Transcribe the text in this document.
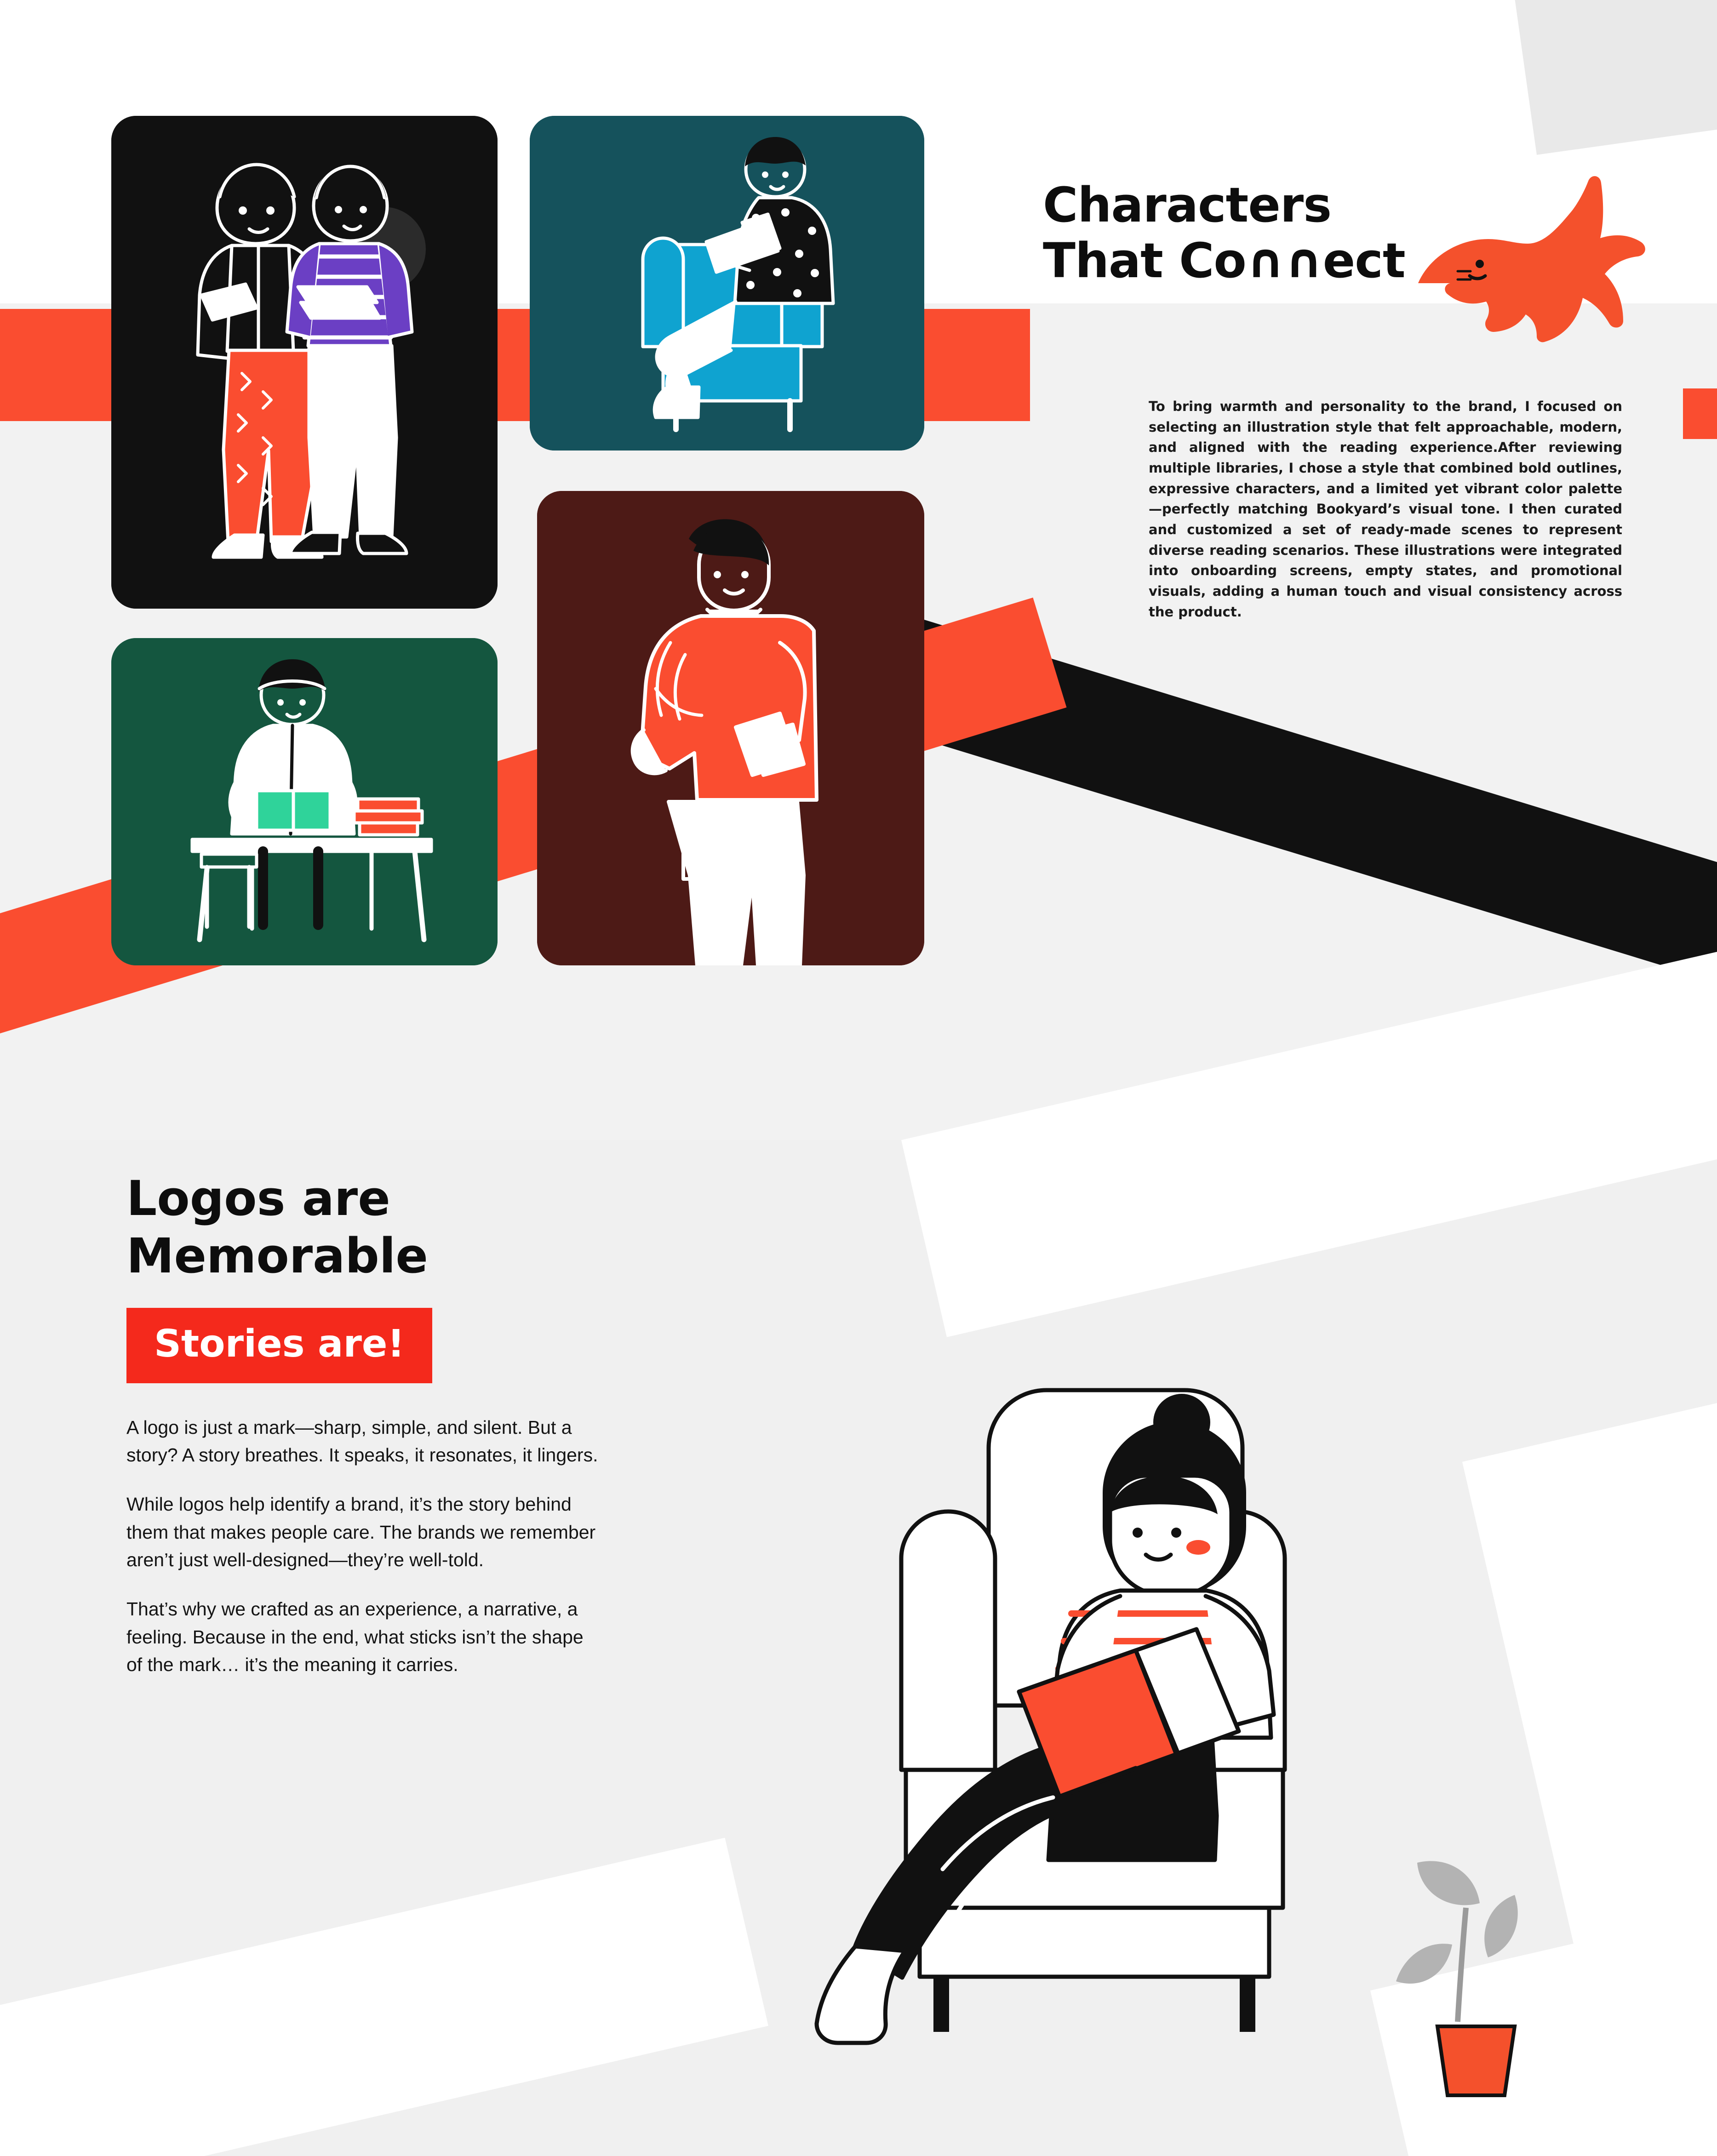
Characters
That Co∩∩ect
To bring warmth and personality to the brand, I focused on selecting an illustration style that felt approachable, modern, and aligned with the reading experience.After reviewing multiple libraries, I chose a style that combined bold outlines, expressive characters, and a limited yet vibrant color palette—perfectly matching Bookyard’s visual tone. I then curated and customized a set of ready-made scenes to represent diverse reading scenarios. These illustrations were integrated into onboarding screens, empty states, and promotional visuals, adding a human touch and visual consistency across the product.
Logos are
Memorable
Stories are!

A logo is just a mark—sharp, simple, and silent. But a story? A story breathes. It speaks, it resonates, it lingers.

While logos help identify a brand, it’s the story behind them that makes people care. The brands we remember aren’t just well-designed—they’re well-told.

That’s why we crafted as an experience, a narrative, a feeling. Because in the end, what sticks isn’t the shape of the mark… it’s the meaning it carries.
